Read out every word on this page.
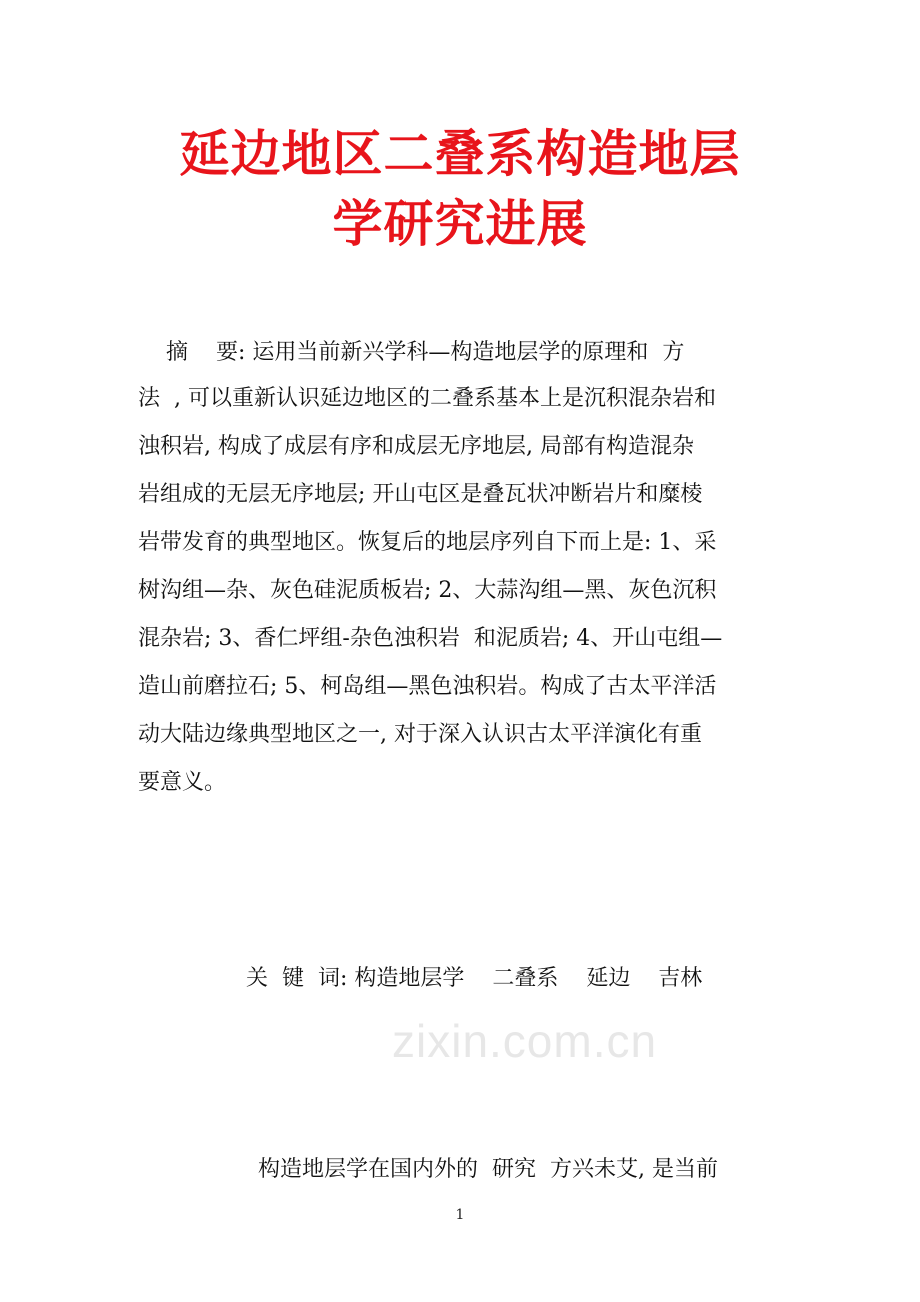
延边地区二叠系构造地层
学研究进展
摘    要: 运用当前新兴学科—构造地层学的原理和  方
法  , 可以重新认识延边地区的二叠系基本上是沉积混杂岩和
浊积岩, 构成了成层有序和成层无序地层, 局部有构造混杂
岩组成的无层无序地层; 开山屯区是叠瓦状冲断岩片和糜棱
岩带发育的典型地区。恢复后的地层序列自下而上是: 1、采
树沟组—杂、灰色硅泥质板岩; 2、大蒜沟组—黑、灰色沉积
混杂岩; 3、香仁坪组-杂色浊积岩  和泥质岩; 4、开山屯组—
造山前磨拉石; 5、柯岛组—黑色浊积岩。构成了古太平洋活
动大陆边缘典型地区之一, 对于深入认识古太平洋演化有重
要意义。
zixin.com.cn
关  键  词: 构造地层学    二叠系    延边    吉林
构造地层学在国内外的  研究  方兴未艾, 是当前
1
